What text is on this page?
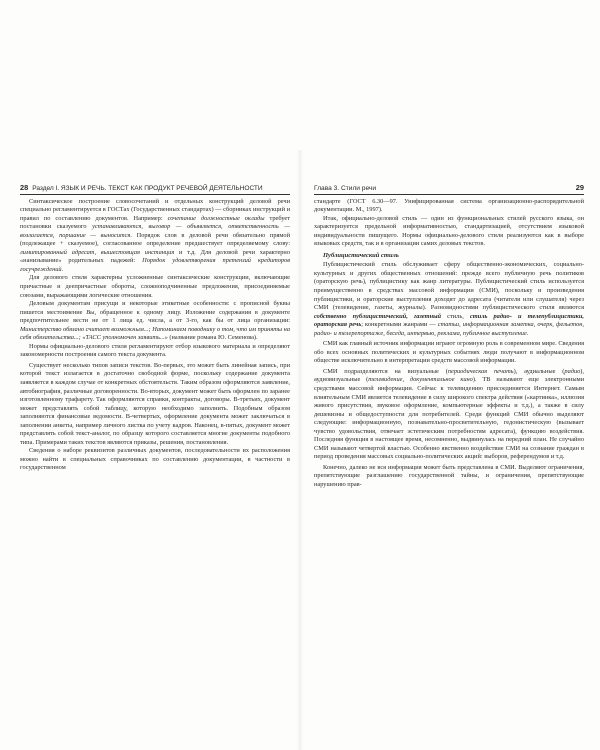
28 Раздел I. ЯЗЫК И РЕЧЬ. ТЕКСТ КАК ПРОДУКТ РЕЧЕВОЙ ДЕЯТЕЛЬНОСТИ

Синтаксическое построение словосочетаний и отдельных конструкций деловой речи специально регламентируется в ГОСТах (Государственных стандартах) — сборниках инструкций и правил по составлению документов. Например: сочетание должностные оклады требует постановки сказуемого устанавливаются, выговор — объявляется, ответственность — возлагается, поршание — выносится. Порядок слов в деловой речи обязательно прямой (подлежащее + сказуемое), согласованное определение предшествует определяемому слову: лимитированный адресат, вышестоящая инстанция и т.д. Для деловой речи характерно «нанизывание» родительных падежей: Порядок удовлетворения претензий кредиторов госучреждений.

Для делового стиля характерны усложненные синтаксические конструкции, включающие причастные и деепричастные обороты, сложноподчиненные предложения, присоединяемые союзами, выражающими логические отношения.

Деловым документам присущи и некоторые этикетные особенности: с прописной буквы пишется местоимение Вы, обращенное к одному лицу. Изложение содержания в документе предпочтительнее вести не от 1 лица ед. числа, а от 3-го, как бы от лица организации: Министерство обязано считает возможным...; Напоминаем поводнику о том, что им приняты на себя обязательства...; «ТАСС уполномочен заявить...» (название романа Ю. Семенова).

Нормы официально-делового стиля регламентируют отбор языкового материала и определяют закономерности построения самого текста документа.

Существует несколько типов записи текстов. Во-первых, это может быть линейная запись, при которой текст излагается в достаточно свободной форме, поскольку содержание документа заявляется в каждом случае от конкретных обстоятельств. Таким образом оформляются заявление, автобиография, различные договоренности. Во-вторых, документ может быть оформлен по заранее изготовленному трафарету. Так оформляются справки, контракты, договоры. В-третьих, документ может представлять собой таблицу, которую необходимо заполнить. Подобным образом заполняются финансовые ведомости. В-четвертых, оформление документа может заключаться в заполнении анкеты, например личного листка по учету кадров. Наконец, в-пятых, документ может представлять собой текст-аналог, по образцу которого составляется многие документы подобного типа. Примерами таких текстов являются приказы, решения, постановления.

Сведения о наборе реквизитов различных документов, последовательности их расположения можно найти в специальных справочниках по составлению документации, в частности в государственном

Глава 3. Стили речи	29

стандарте (ГОСТ 6.30—97. Унифицированная система организационно-распорядительной документации. М., 1997).

Итак, официально-деловой стиль — один из функциональных стилей русского языка, он характеризуется предельной информативностью, стандартизацией, отсутствием языковой индивидуальности пишущего. Нормы официально-делового стиля реализуются как в выборе языковых средств, так и в организации самих деловых текстов.

Публицистический стиль

Публицистический стиль обслуживает сферу общественно-экономических, социально-культурных и других общественных отношений: прежде всего публичную речь политиков (ораторскую речь), публицистику как жанр литературы. Публицистический стиль используется преимущественно в средствах массовой информации (СМИ), поскольку и произведения публицистики, и ораторские выступления доходят до адресата (читателя или слушателя) через СМИ (телевидение, газеты, журналы). Разновидностями публицистического стиля являются собственно публицистический, газетный стиль, стиль радио- и телепублицистики, ораторская речь; конкретными жанрами — статьи, информационная заметка, очерк, фельетон, радио- и телерепортаже, беседа, интервью, реклама, публичное выступление.

СМИ как главный источник информации играют огромную роль в современном мире. Сведения обо всех основных политических и культурных событиях люди получают в информационном обществе исключительно в интерпретации средств массовой информации.

СМИ подразделяются на визуальные (периодическая печать), аудиальные (радио), аудиовизуальные (телевидение, документальное кино). ТВ называют еще электронными средствами массовой информации. Сейчас к телевидению присоединяется Интернет. Самым влиятельным СМИ является телевидение в силу широкого спектра действия («картинка», иллюзия живого присутствия, звуковое оформление, компьютерные эффекты и т.д.), а также в силу дешевизны и общедоступности для потребителей. Среди функций СМИ обычно выделяют следующие: информационную, познавательно-просветительную, гедонистическую (вызывает чувство удовольствия, отвечает эстетическим потребностям адресата), функцию воздействия. Последняя функция в настоящее время, несомненно, выдвинулась на передний план. Не случайно СМИ называют четвертой властью. Особенно явственно воздействие СМИ на сознание граждан в период проведения массовых социально-политических акций: выборов, референдумов и т.д.

Конечно, далеко не вся информация может быть представлена в СМИ. Выделяют ограничения, препятствующие разглашению государственной тайны, и ограничения, препятствующие нарушению прав-
